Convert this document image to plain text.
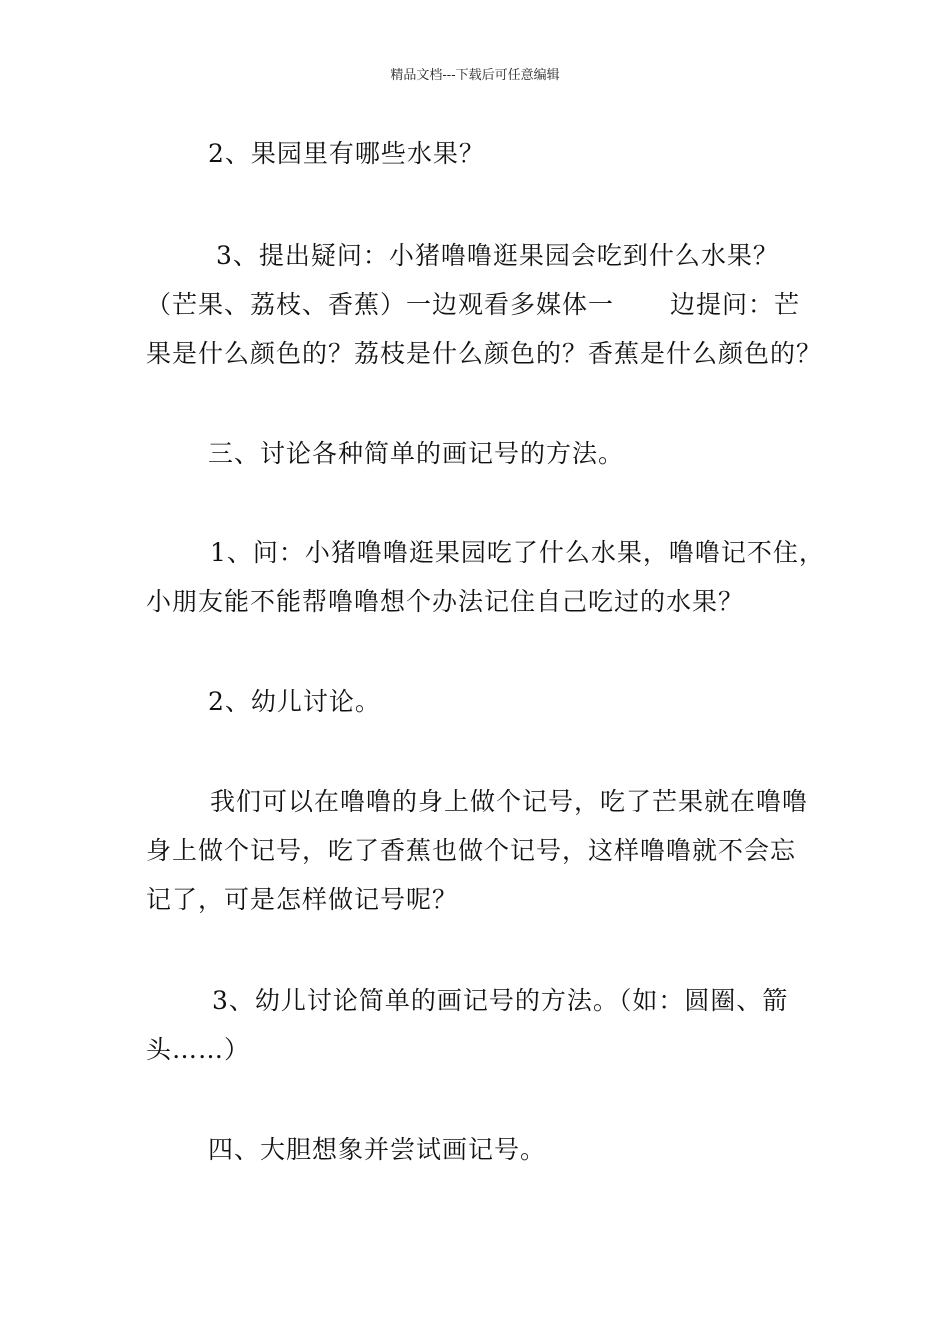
精品文档---下载后可任意编辑
2、果园里有哪些水果？
3、提出疑问：小猪噜噜逛果园会吃到什么水果？
（芒果、荔枝、香蕉）一边观看多媒体一 边提问：芒
果是什么颜色的？荔枝是什么颜色的？香蕉是什么颜色的？
三、讨论各种简单的画记号的方法。
1、问：小猪噜噜逛果园吃了什么水果，噜噜记不住，
小朋友能不能帮噜噜想个办法记住自己吃过的水果？
2、幼儿讨论。
我们可以在噜噜的身上做个记号，吃了芒果就在噜噜
身上做个记号，吃了香蕉也做个记号，这样噜噜就不会忘
记了，可是怎样做记号呢？
3、幼儿讨论简单的画记号的方法。（如：圆圈、箭
头……）
四、大胆想象并尝试画记号。
